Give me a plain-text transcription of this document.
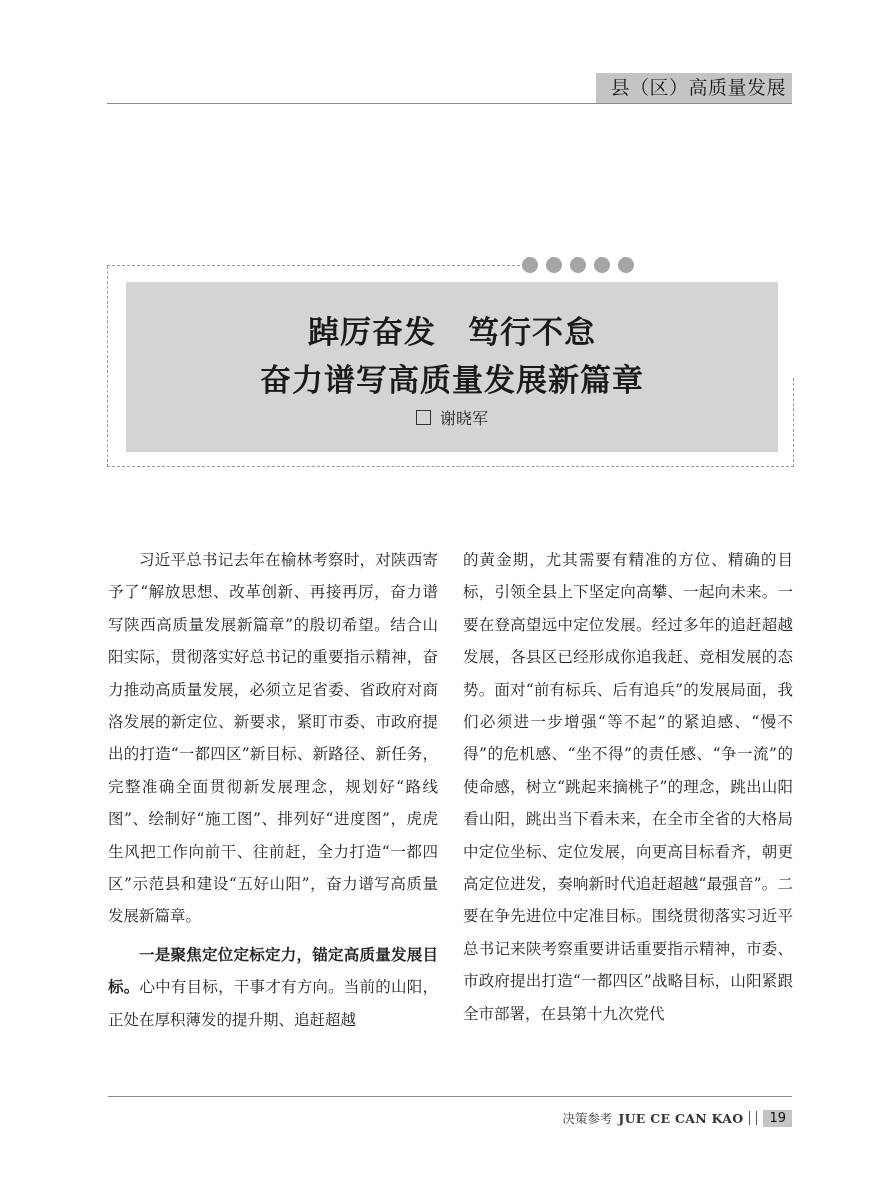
县（区）高质量发展
踔厉奋发　笃行不怠
奋力谱写高质量发展新篇章
谢晓军

习近平总书记去年在榆林考察时，对陕西寄予了“解放思想、改革创新、再接再厉，奋力谱写陕西高质量发展新篇章”的殷切希望。结合山阳实际，贯彻落实好总书记的重要指示精神，奋力推动高质量发展，必须立足省委、省政府对商洛发展的新定位、新要求，紧盯市委、市政府提出的打造“一都四区”新目标、新路径、新任务，完整准确全面贯彻新发展理念，规划好“路线图”、绘制好“施工图”、排列好“进度图”，虎虎生风把工作向前干、往前赶，全力打造“一都四区”示范县和建设“五好山阳”，奋力谱写高质量发展新篇章。

一是聚焦定位定标定力，锚定高质量发展目标。心中有目标，干事才有方向。当前的山阳，正处在厚积薄发的提升期、追赶超越

的黄金期，尤其需要有精准的方位、精确的目标，引领全县上下坚定向高攀、一起向未来。一要在登高望远中定位发展。经过多年的追赶超越发展，各县区已经形成你追我赶、竞相发展的态势。面对“前有标兵、后有追兵”的发展局面，我们必须进一步增强“等不起”的紧迫感、“慢不得”的危机感、“坐不得”的责任感、“争一流”的使命感，树立“跳起来摘桃子”的理念，跳出山阳看山阳，跳出当下看未来，在全市全省的大格局中定位坐标、定位发展，向更高目标看齐，朝更高定位进发，奏响新时代追赶超越“最强音”。二要在争先进位中定准目标。围绕贯彻落实习近平总书记来陕考察重要讲话重要指示精神，市委、市政府提出打造“一都四区”战略目标，山阳紧跟全市部署，在县第十九次党代

决策参考 JUE CE CAN KAO	19
